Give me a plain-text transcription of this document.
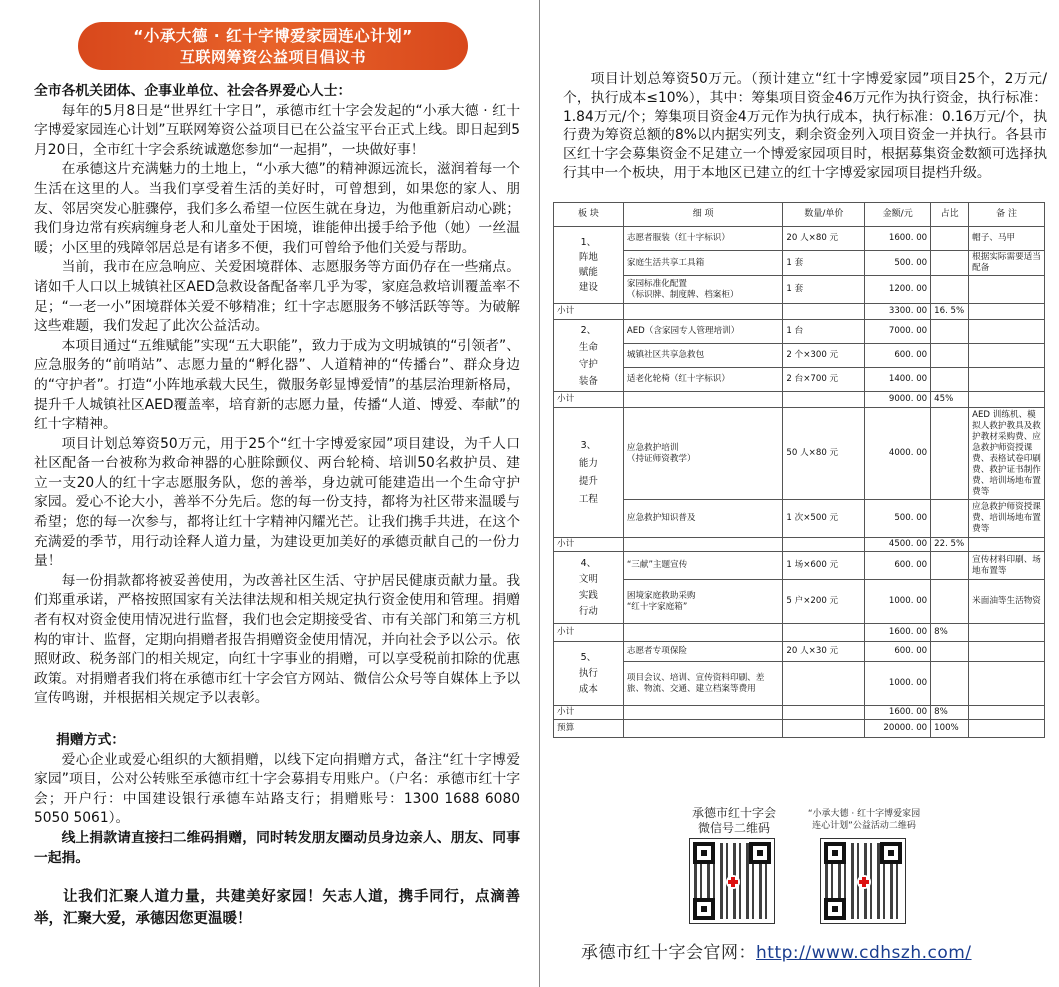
“小承大德 · 红十字博爱家园连心计划”
互联网筹资公益项目倡议书

全市各机关团体、企事业单位、社会各界爱心人士：

每年的5月8日是“世界红十字日”，承德市红十字会发起的“小承大德 · 红十字博爱家园连心计划”互联网筹资公益项目已在公益宝平台正式上线。即日起到5月20日，全市红十字会系统诚邀您参加“一起捐”，一块做好事！

在承德这片充满魅力的土地上，“小承大德”的精神源远流长，滋润着每一个生活在这里的人。当我们享受着生活的美好时，可曾想到，如果您的家人、朋友、邻居突发心脏骤停，我们多么希望一位医生就在身边，为他重新启动心跳；我们身边常有疾病缠身老人和儿童处于困境，谁能伸出援手给予他（她）一丝温暖；小区里的残障邻居总是有诸多不便，我们可曾给予他们关爱与帮助。

当前，我市在应急响应、关爱困境群体、志愿服务等方面仍存在一些痛点。诸如千人口以上城镇社区AED急救设备配备率几乎为零，家庭急救培训覆盖率不足；“一老一小”困境群体关爱不够精准；红十字志愿服务不够活跃等等。为破解这些难题，我们发起了此次公益活动。

本项目通过“五维赋能”实现“五大职能”，致力于成为文明城镇的“引领者”、应急服务的“前哨站”、志愿力量的“孵化器”、人道精神的“传播台”、群众身边的“守护者”。打造“小阵地承载大民生，微服务彰显博爱情”的基层治理新格局，提升千人城镇社区AED覆盖率，培育新的志愿力量，传播“人道、博爱、奉献”的红十字精神。

项目计划总筹资50万元，用于25个“红十字博爱家园”项目建设，为千人口社区配备一台被称为救命神器的心脏除颤仪、两台轮椅、培训50名救护员、建立一支20人的红十字志愿服务队，您的善举，身边就可能建造出一个生命守护家园。爱心不论大小，善举不分先后。您的每一份支持，都将为社区带来温暖与希望；您的每一次参与，都将让红十字精神闪耀光芒。让我们携手共进，在这个充满爱的季节，用行动诠释人道力量，为建设更加美好的承德贡献自己的一份力量！

每一份捐款都将被妥善使用，为改善社区生活、守护居民健康贡献力量。我们郑重承诺，严格按照国家有关法律法规和相关规定执行资金使用和管理。捐赠者有权对资金使用情况进行监督，我们也会定期接受省、市有关部门和第三方机构的审计、监督，定期向捐赠者报告捐赠资金使用情况，并向社会予以公示。依照财政、税务部门的相关规定，向红十字事业的捐赠，可以享受税前扣除的优惠政策。对捐赠者我们将在承德市红十字会官方网站、微信公众号等自媒体上予以宣传鸣谢，并根据相关规定予以表彰。

捐赠方式：

爱心企业或爱心组织的大额捐赠，以线下定向捐赠方式，备注“红十字博爱家园”项目，公对公转账至承德市红十字会募捐专用账户。（户名：承德市红十字会；开户行：中国建设银行承德车站路支行；捐赠账号：1300 1688 6080 5050 5061）。

线上捐款请直接扫二维码捐赠，同时转发朋友圈动员身边亲人、朋友、同事一起捐。

让我们汇聚人道力量，共建美好家园！矢志人道，携手同行，点滴善举，汇聚大爱，承德因您更温暖！

项目计划总筹资50万元。（预计建立“红十字博爱家园”项目25个，2万元/个，执行成本≤10%），其中：筹集项目资金46万元作为执行资金，执行标准：1.84万元/个；筹集项目资金4万元作为执行成本，执行标准：0.16万元/个，执行费为筹资总额的8%以内据实列支，剩余资金列入项目资金一并执行。各县市区红十字会募集资金不足建立一个博爱家园项目时，根据募集资金数额可选择执行其中一个板块，用于本地区已建立的红十字博爱家园项目提档升级。

板 块	细 项	数量/单价	金额/元	占比	备 注
1、
阵地
赋能
建设	志愿者服装（红十字标识）	20 人×80 元	1600. 00		帽子、马甲
	家庭生活共享工具箱	1 套	500. 00		根据实际需要适当配备
	家园标准化配置
（标识牌、制度牌、档案柜）	1 套	1200. 00		
小计			3300. 00	16. 5%	
2、
生命
守护
装备	AED（含家园专人管理培训）	1 台	7000. 00		
	城镇社区共享急救包	2 个×300 元	600. 00		
	适老化轮椅（红十字标识）	2 台×700 元	1400. 00		
小计			9000. 00	45%	
3、
能力
提升
工程	应急救护培训
（持证师资教学）	50 人×80 元	4000. 00		AED 训练机、模拟人救护教具及救护教材采购费、应急救护师资授课费、表格试卷印刷费、救护证书制作费、培训场地布置费等
	应急救护知识普及	1 次×500 元	500. 00		应急救护师资授课费、培训场地布置费等
小计			4500. 00	22. 5%	
4、
文明
实践
行动	“三献”主题宣传	1 场×600 元	600. 00		宣传材料印刷、场地布置等
	困境家庭救助采购
“红十字家庭箱”	5 户×200 元	1000. 00		米面油等生活物资
小计			1600. 00	8%	
5、
执行
成本	志愿者专项保险	20 人×30 元	600. 00		
	项目会议、培训、宣传资料印刷、差旅、物流、交通、建立档案等费用		1000. 00		
小计			1600. 00	8%	
预算			20000. 00	100%	
承德市红十字会
微信号二维码
“小承大德 · 红十字博爱家园
连心计划”公益活动二维码
承德市红十字会官网：http://www.cdhszh.com/
